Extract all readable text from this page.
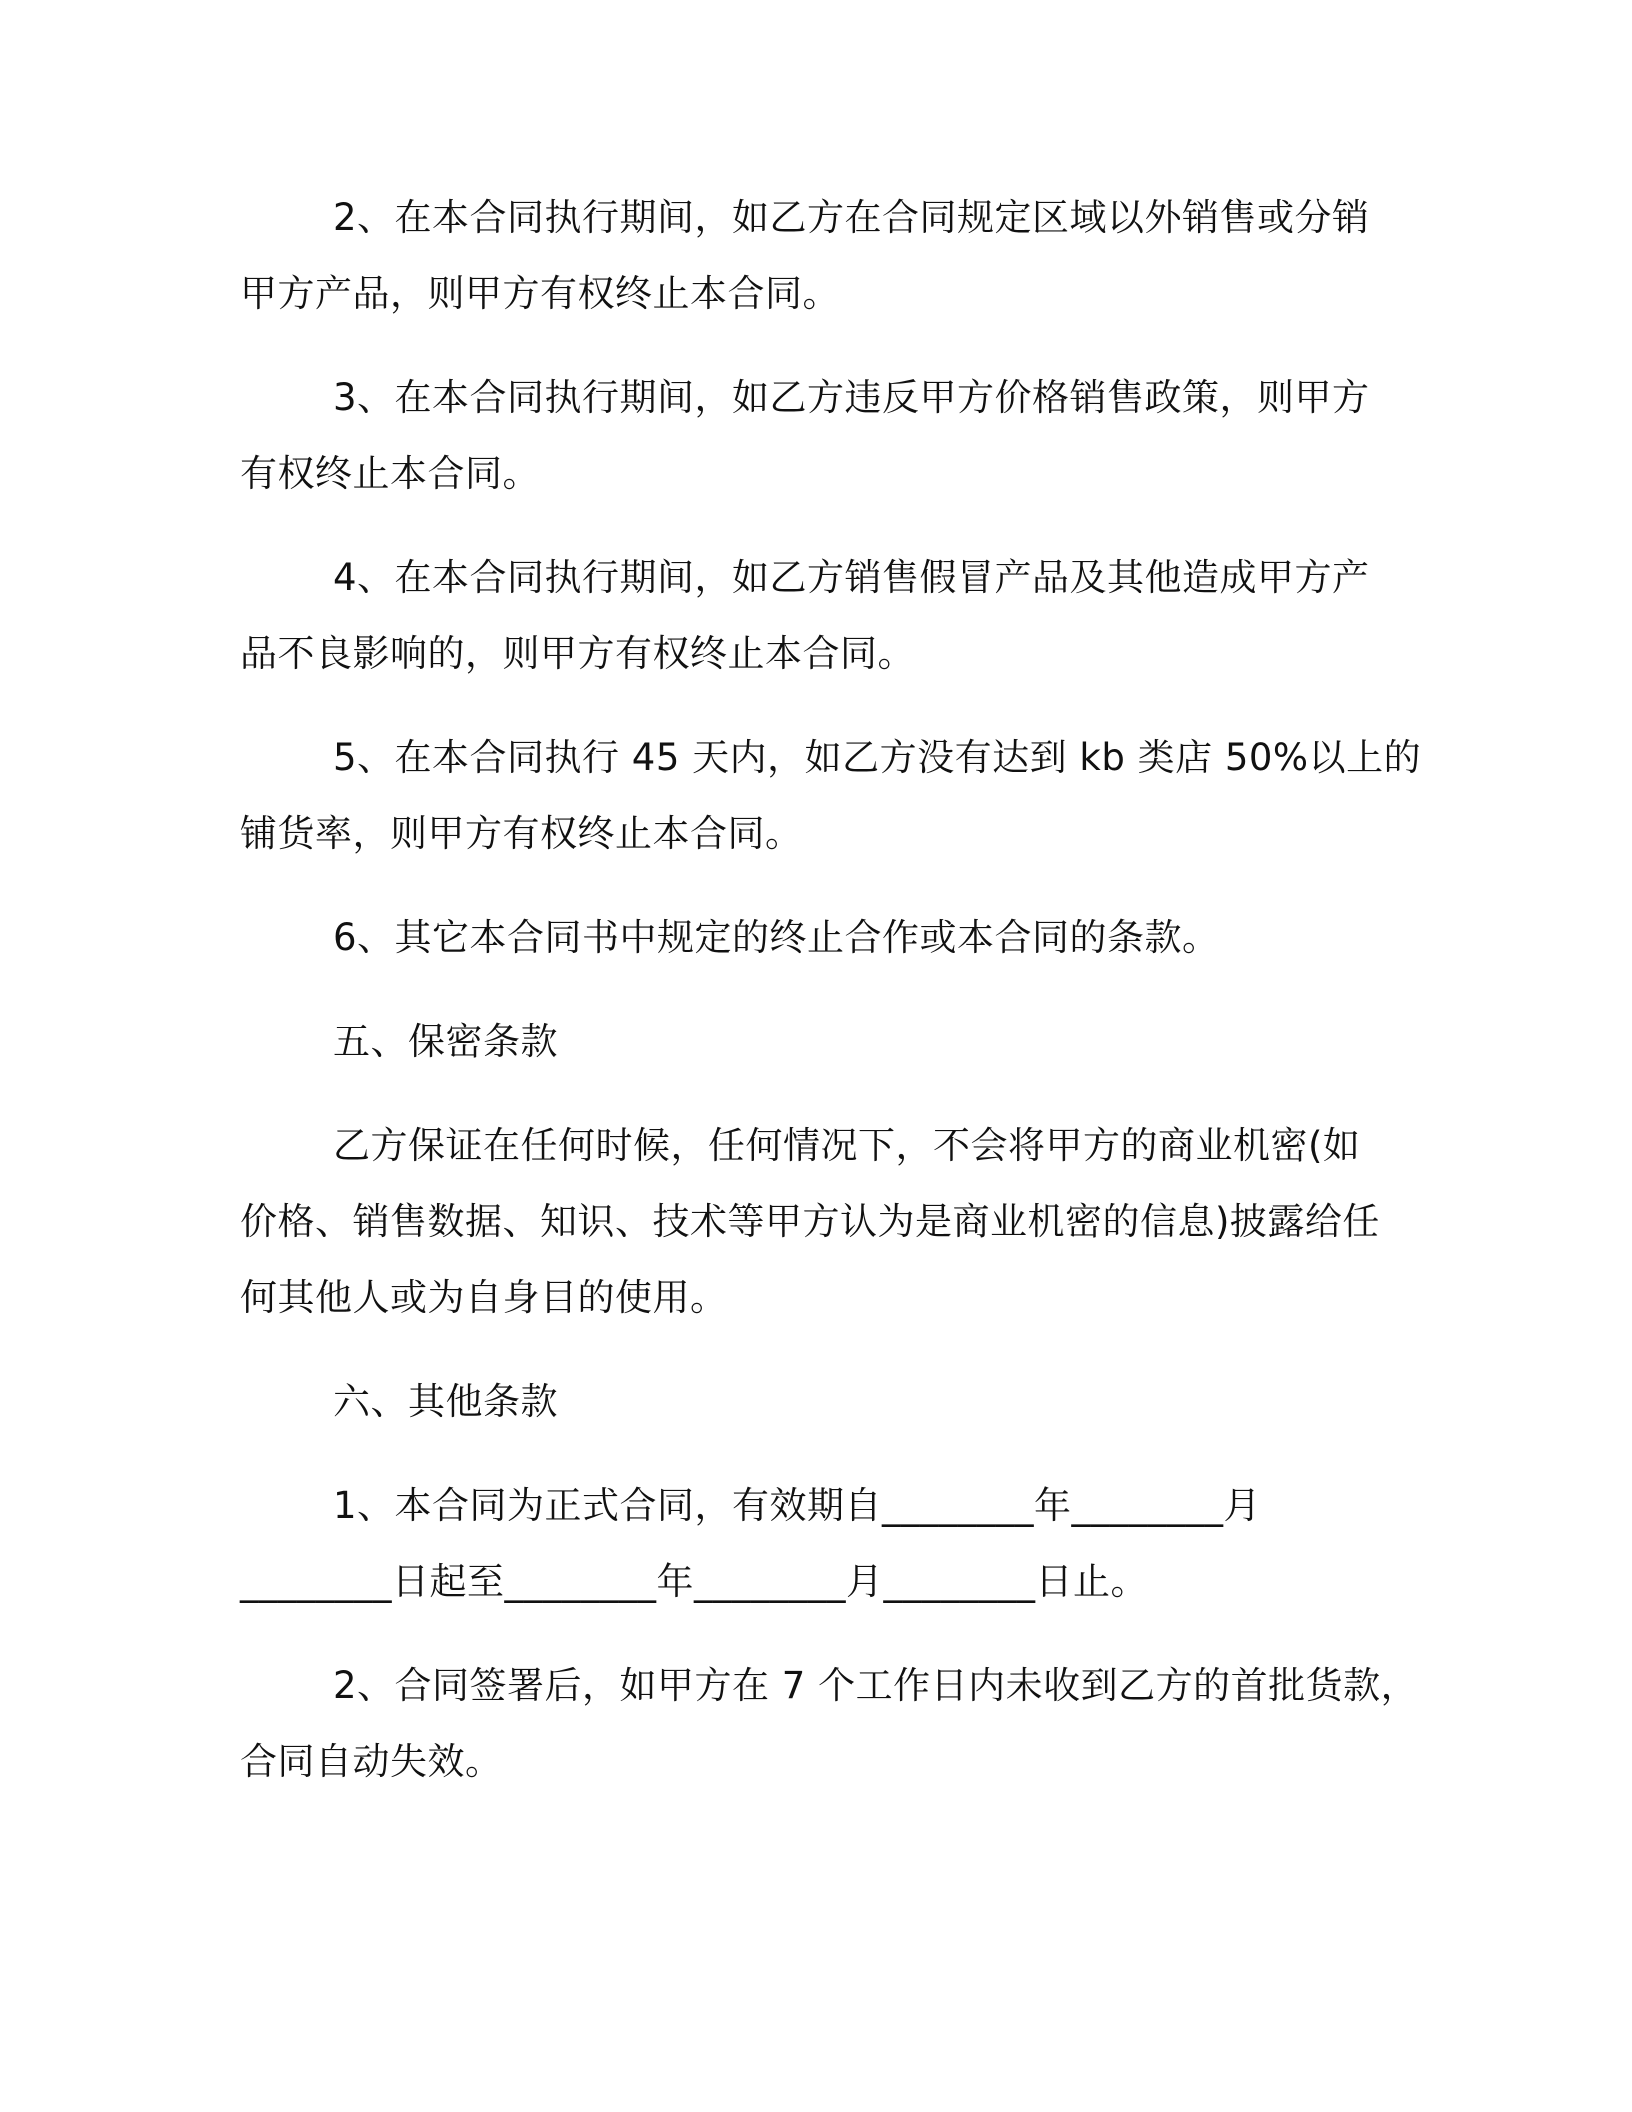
2、在本合同执行期间，如乙方在合同规定区域以外销售或分销
甲方产品，则甲方有权终止本合同。
3、在本合同执行期间，如乙方违反甲方价格销售政策，则甲方
有权终止本合同。
4、在本合同执行期间，如乙方销售假冒产品及其他造成甲方产
品不良影响的，则甲方有权终止本合同。
5、在本合同执行 45 天内，如乙方没有达到 kb 类店 50%以上的
铺货率，则甲方有权终止本合同。
6、其它本合同书中规定的终止合作或本合同的条款。
五、保密条款
乙方保证在任何时候，任何情况下，不会将甲方的商业机密(如
价格、销售数据、知识、技术等甲方认为是商业机密的信息)披露给任
何其他人或为自身目的使用。
六、其他条款
1、本合同为正式合同，有效期自________年________月
________日起至________年________月________日止。
2、合同签署后，如甲方在 7 个工作日内未收到乙方的首批货款，
合同自动失效。
